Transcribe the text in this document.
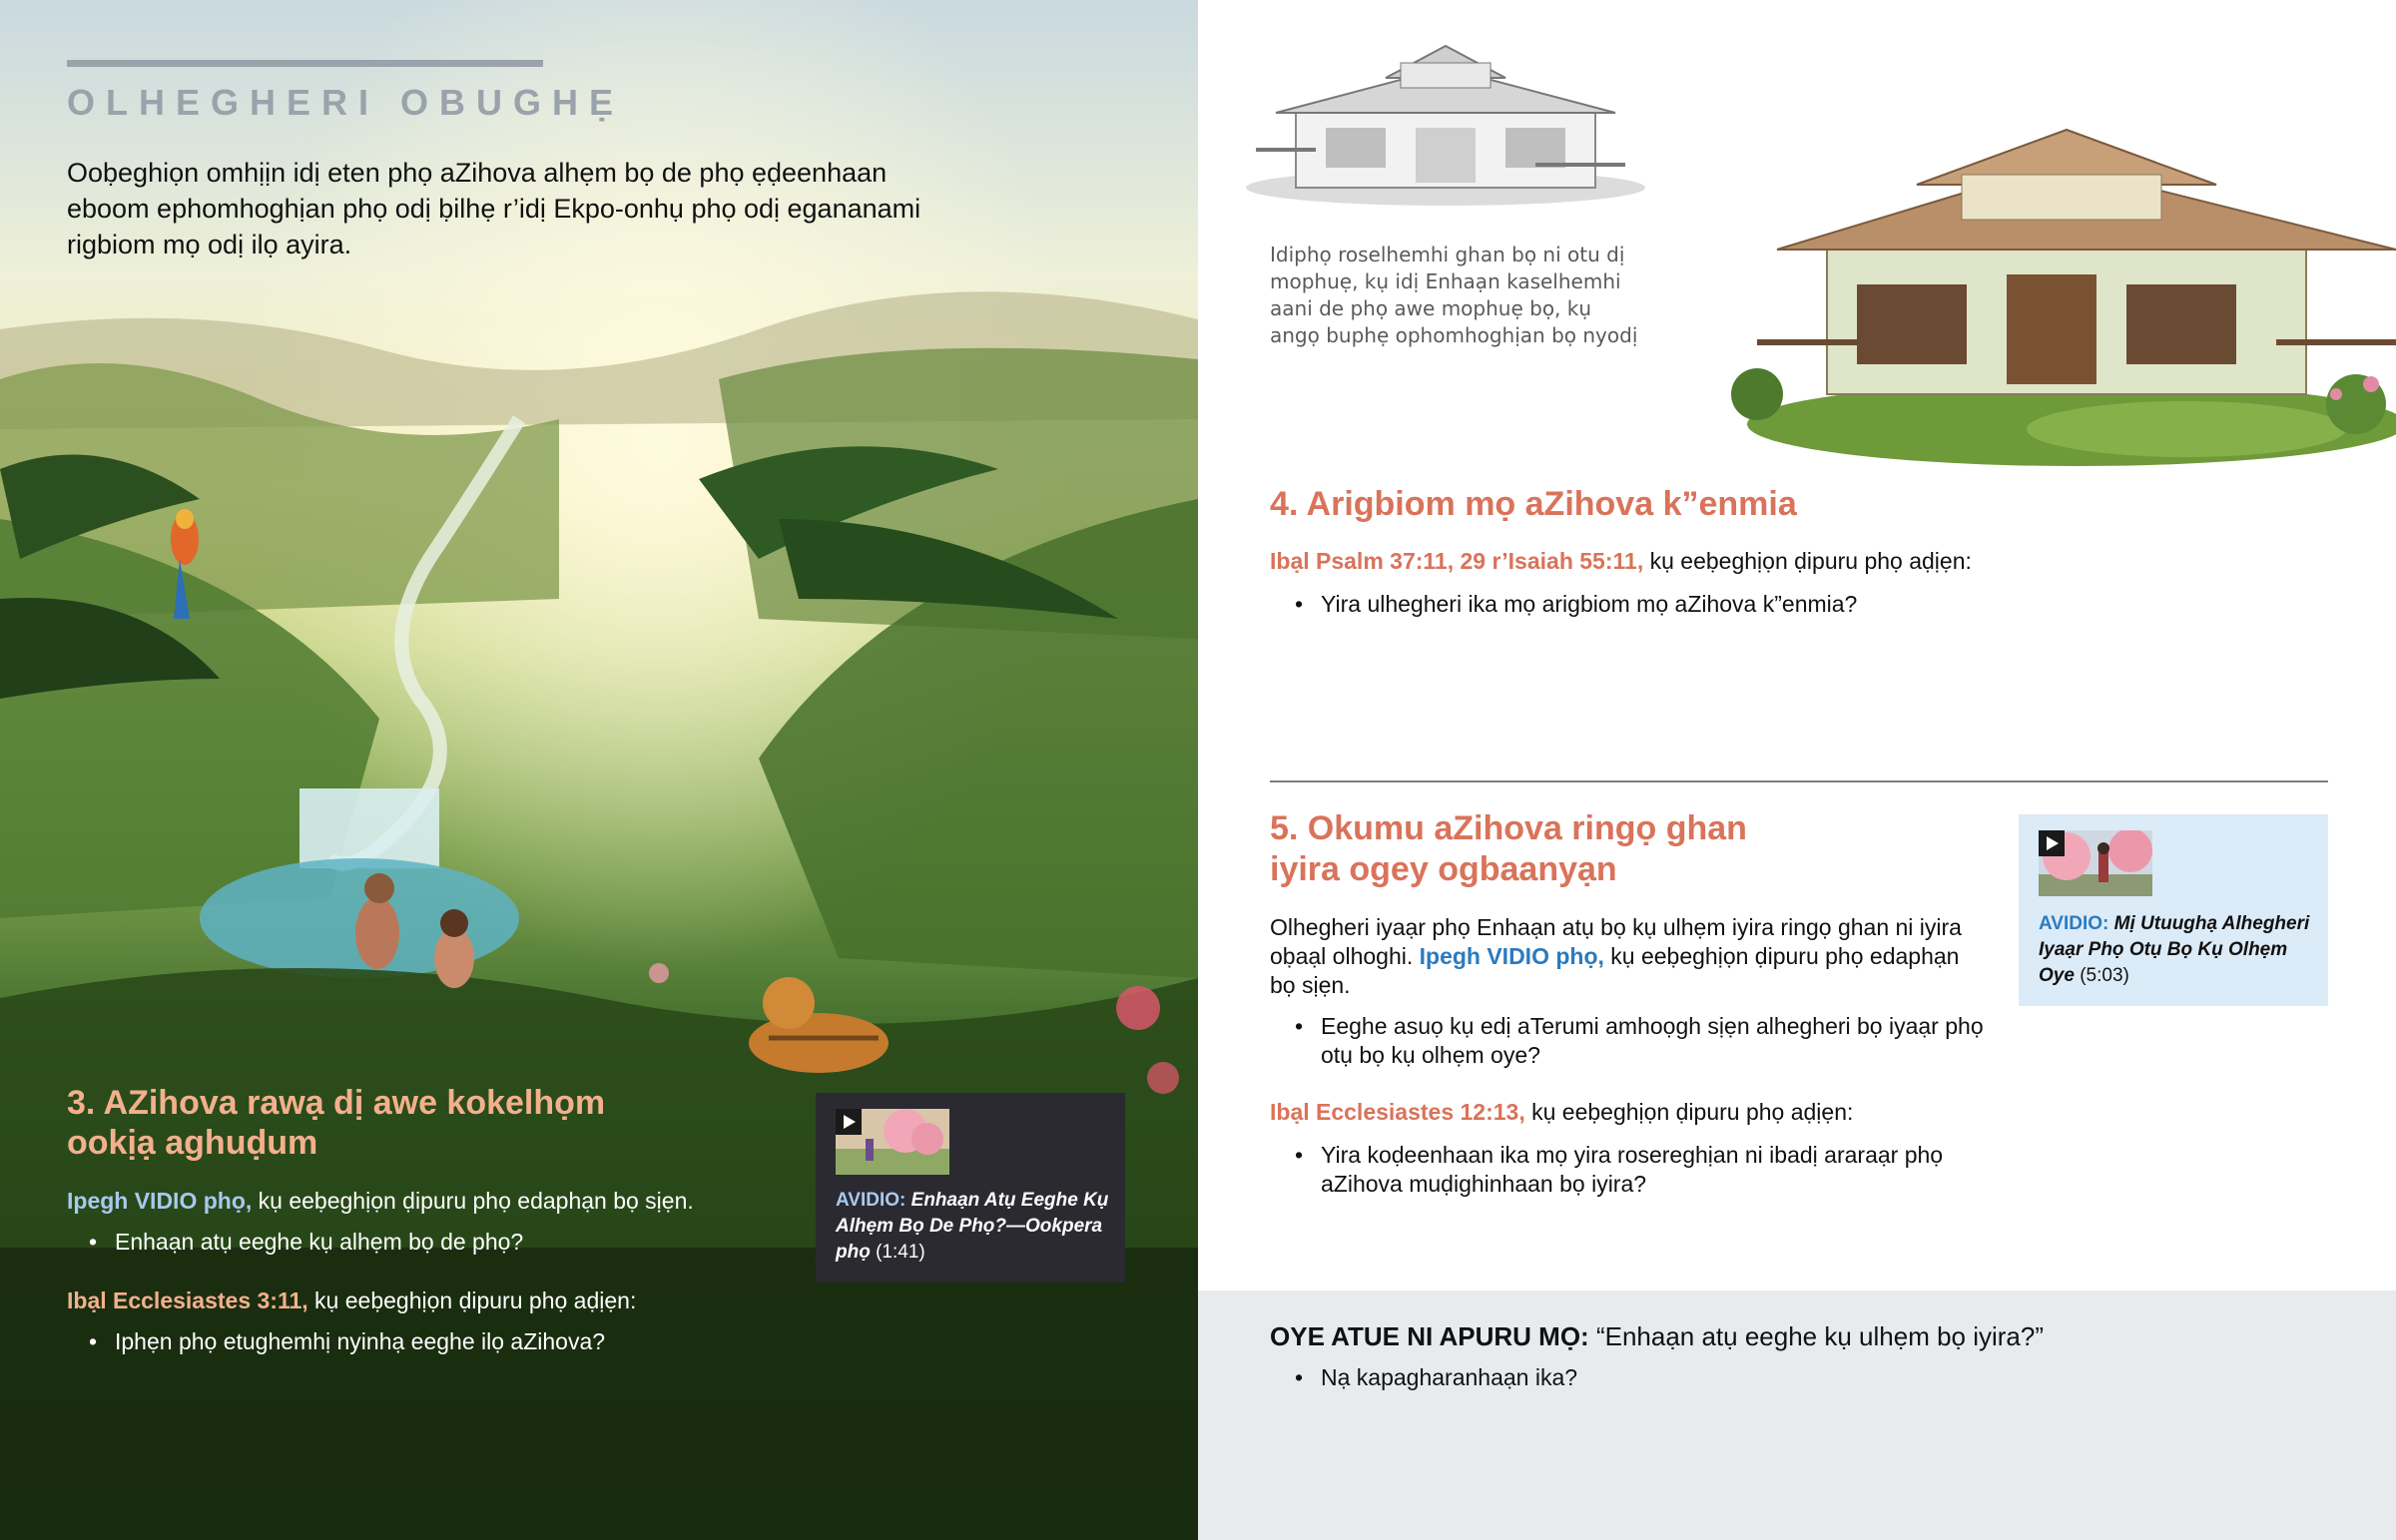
OLHEGHERI OBUGHẸ

Ooḅeghiọn omhịịn idị eten phọ aZihova alhẹm bọ de phọ ẹḍeenhaan eboom ephomhoghịan phọ odị ḅilhẹ r’idị Ekpo-onhụ phọ odị egananami rigbiom mọ odị ilọ ayira.

3. AZihova rawạ dị awe kokelhọm
ookịạ aghuḍum

Ipegh VIDIO phọ, kụ eeḅeghịọn ḍipuru phọ edaphạn bọ sịẹn.

• Enhaạn atụ eeghe kụ alhẹm bọ de phọ?

Ibạl Ecclesiastes 3:11, kụ eeḅeghịọn ḍipuru phọ aḍịẹn:

• Iphẹn phọ etughemhị nyinhạ eeghe ilọ aZihova?
AVIDIO: Enhaạn Atụ Eeghe Kụ Alhẹm Bọ De Phọ?—Ookpera phọ (1:41)

Idiphọ roselhemhi ghan bọ ni otu dị mophuẹ, kụ idị Enhaạn kaselhemhi aani de phọ awe mophuẹ bọ, kụ angọ buphẹ ophomhoghịan bọ nyodị

4. Arigbiom mọ aZihova k”enmia

Ibạl Psalm 37:11, 29 r’Isaiah 55:11, kụ eeḅeghịọn ḍipuru phọ aḍịẹn:

• Yira ulhegheri ika mọ arigbiom mọ aZihova k”enmia?
5. Okumu aZihova ringọ ghan
iyira ogey ogbaanyạn

Olhegheri iyaạr phọ Enhaạn atụ bọ kụ ulhẹm iyira ringọ ghan ni iyira
oḅaạl olhoghi. Ipegh VIDIO phọ, kụ eeḅeghịọn ḍipuru phọ edaphạn
bọ sịẹn.

• Eeghe asuọ kụ edị aTerumi amhoọgh sịẹn alhegheri bọ iyaạr phọ
otụ bọ kụ olhẹm oye?

Ibạl Ecclesiastes 12:13, kụ eeḅeghịọn ḍipuru phọ aḍịẹn:

• Yira koḍeenhaan ika mọ yira rosereghịan ni ibadị araraạr phọ
aZihova muḍighinhaan bọ iyira?
AVIDIO: Mị Utuughạ Alhegheri
Iyaạr Phọ Otụ Bọ Kụ Olhẹm
Oye (5:03)

OYE ATUE NI APURU MỌ: “Enhaạn atụ eeghe kụ ulhẹm bọ iyira?”

• Nạ kapagharanhaạn ika?
